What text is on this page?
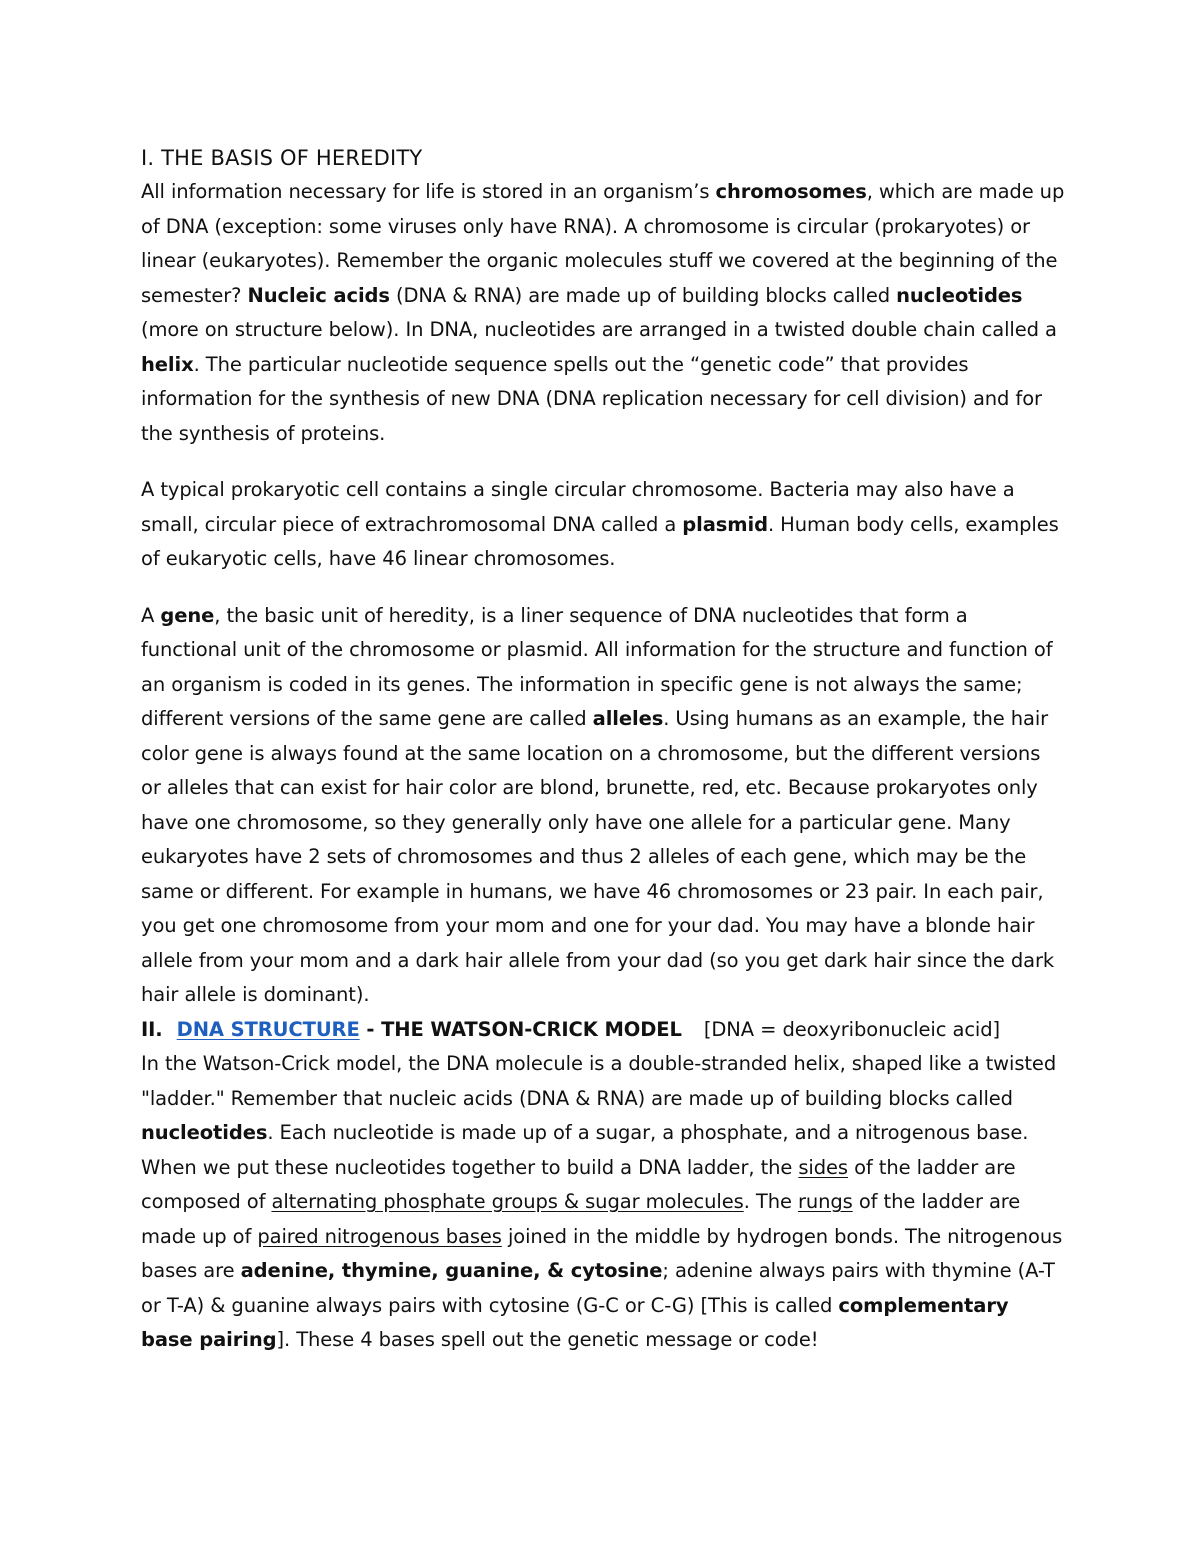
I. THE BASIS OF HEREDITY

All information necessary for life is stored in an organism’s chromosomes, which are made up of DNA (exception: some viruses only have RNA). A chromosome is circular (prokaryotes) or linear (eukaryotes). Remember the organic molecules stuff we covered at the beginning of the semester? Nucleic acids (DNA & RNA) are made up of building blocks called nucleotides (more on structure below). In DNA, nucleotides are arranged in a twisted double chain called a helix. The particular nucleotide sequence spells out the “genetic code” that provides information for the synthesis of new DNA (DNA replication necessary for cell division) and for the synthesis of proteins.

A typical prokaryotic cell contains a single circular chromosome. Bacteria may also have a small, circular piece of extrachromosomal DNA called a plasmid. Human body cells, examples of eukaryotic cells, have 46 linear chromosomes.

A gene, the basic unit of heredity, is a liner sequence of DNA nucleotides that form a functional unit of the chromosome or plasmid. All information for the structure and function of an organism is coded in its genes. The information in specific gene is not always the same; different versions of the same gene are called alleles. Using humans as an example, the hair color gene is always found at the same location on a chromosome, but the different versions or alleles that can exist for hair color are blond, brunette, red, etc. Because prokaryotes only have one chromosome, so they generally only have one allele for a particular gene. Many eukaryotes have 2 sets of chromosomes and thus 2 alleles of each gene, which may be the same or different. For example in humans, we have 46 chromosomes or 23 pair. In each pair, you get one chromosome from your mom and one for your dad. You may have a blonde hair allele from your mom and a dark hair allele from your dad (so you get dark hair since the dark hair allele is dominant).

II. DNA STRUCTURE - THE WATSON-CRICK MODEL [DNA = deoxyribonucleic acid]

In the Watson-Crick model, the DNA molecule is a double-stranded helix, shaped like a twisted "ladder." Remember that nucleic acids (DNA & RNA) are made up of building blocks called nucleotides. Each nucleotide is made up of a sugar, a phosphate, and a nitrogenous base. When we put these nucleotides together to build a DNA ladder, the sides of the ladder are composed of alternating phosphate groups & sugar molecules. The rungs of the ladder are made up of paired nitrogenous bases joined in the middle by hydrogen bonds. The nitrogenous bases are adenine, thymine, guanine, & cytosine; adenine always pairs with thymine (A-T or T-A) & guanine always pairs with cytosine (G-C or C-G) [This is called complementary base pairing]. These 4 bases spell out the genetic message or code!
